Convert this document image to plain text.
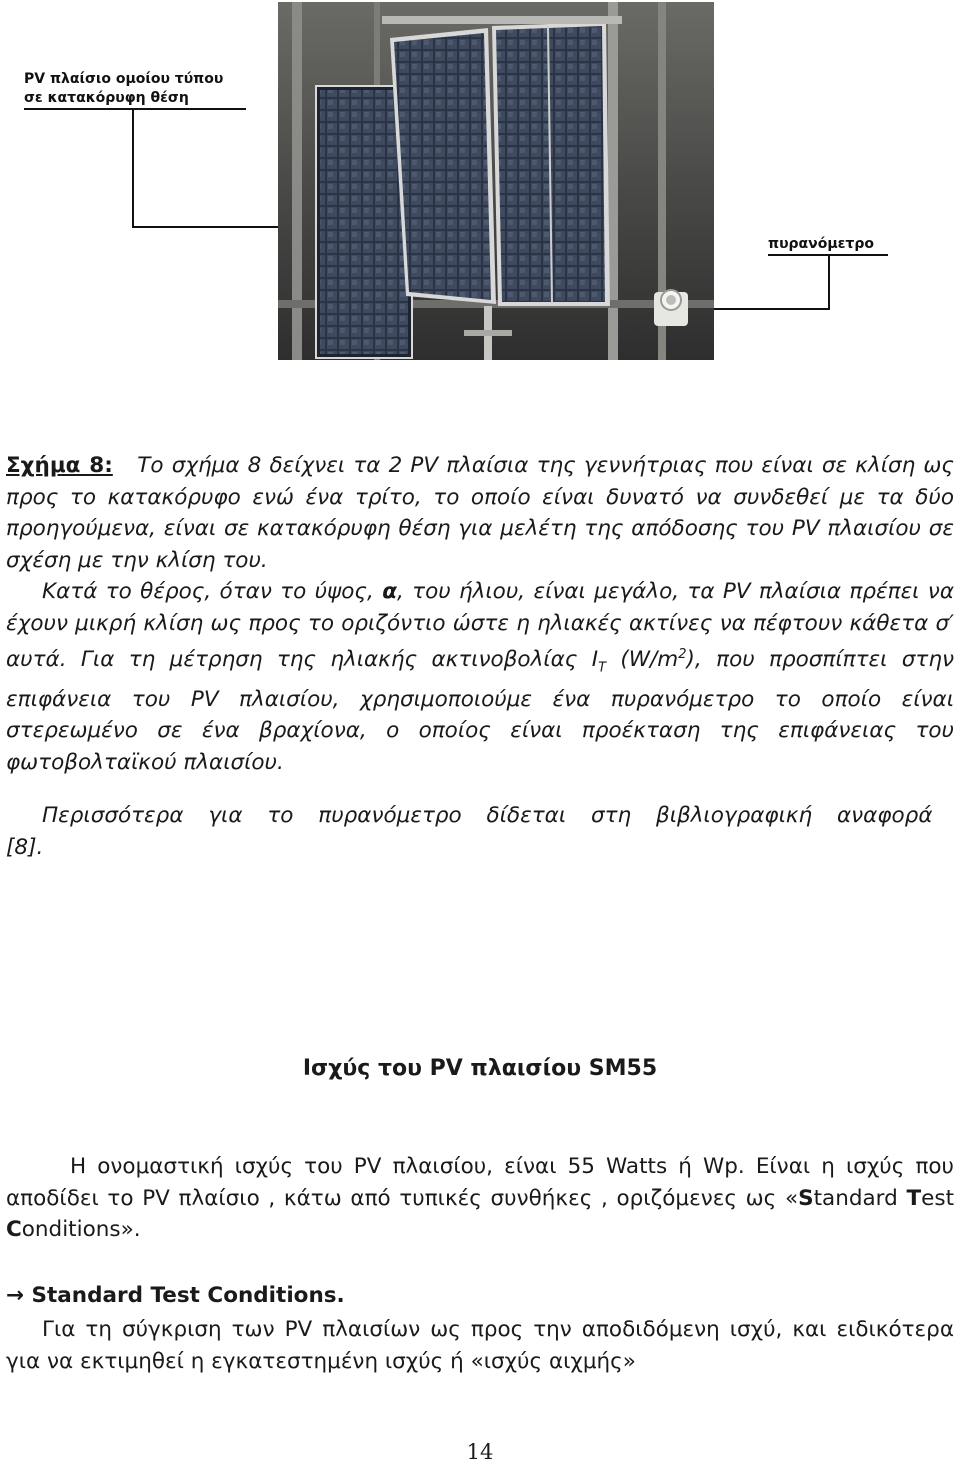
PV πλαίσιο ομοίου τύπου
σε κατακόρυφη θέση
πυρανόμετρο

Σχήμα 8: Το σχήμα 8 δείχνει τα 2 PV πλαίσια της γεννήτριας που είναι σε κλίση ως προς το κατακόρυφο ενώ ένα τρίτο, το οποίο είναι δυνατό να συνδεθεί με τα δύο προηγούμενα, είναι σε κατακόρυφη θέση για μελέτη της απόδοσης του PV πλαισίου σε σχέση με την κλίση του.

Κατά το θέρος, όταν το ύψος, α, του ήλιου, είναι μεγάλο, τα PV πλαίσια πρέπει να έχουν μικρή κλίση ως προς το οριζόντιο ώστε η ηλιακές ακτίνες να πέφτουν κάθετα σ′ αυτά. Για τη μέτρηση της ηλιακής ακτινοβολίας $I_T$ $(W/m^2)$, που προσπίπτει στην επιφάνεια του PV πλαισίου, χρησιμοποιούμε ένα πυρανόμετρο το οποίο είναι στερεωμένο σε ένα βραχίονα, ο οποίος είναι προέκταση της επιφάνειας του φωτοβολταϊκού πλαισίου.

Περισσότερα για το πυρανόμετρο δίδεται στη βιβλιογραφική αναφορά [8].

Ισχύς του PV πλαισίου SM55

Η ονομαστική ισχύς του PV πλαισίου, είναι 55 Watts ή Wp. Είναι η ισχύς που αποδίδει το PV πλαίσιο , κάτω από τυπικές συνθήκες , οριζόμενες ως «Standard Test Conditions».

→ Standard Test Conditions.

Για τη σύγκριση των PV πλαισίων ως προς την αποδιδόμενη ισχύ, και ειδικότερα για να εκτιμηθεί η εγκατεστημένη ισχύς ή «ισχύς αιχμής»

14
